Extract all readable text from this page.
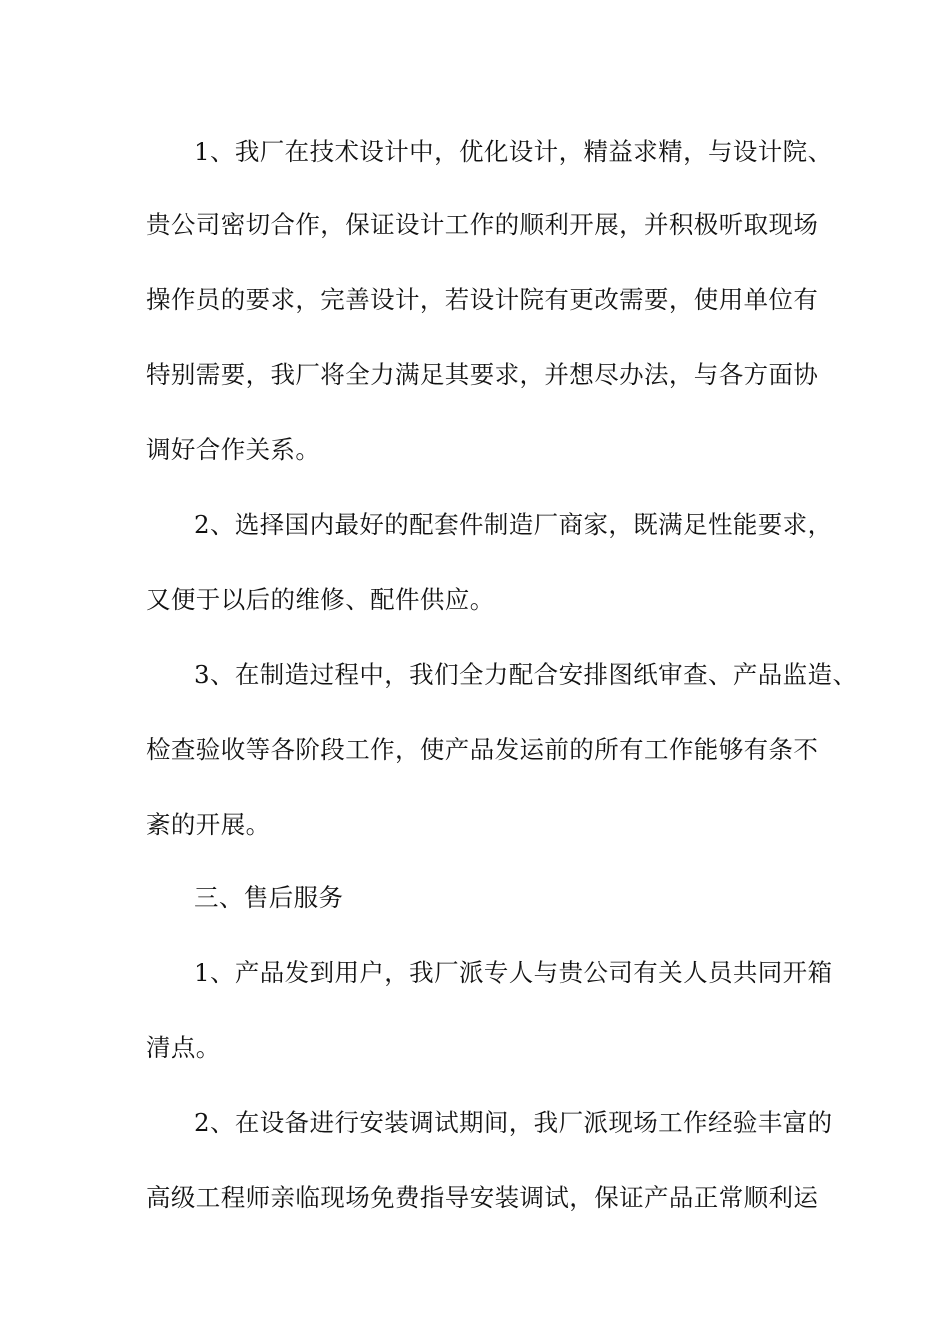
1、我厂在技术设计中，优化设计，精益求精，与设计院、
贵公司密切合作，保证设计工作的顺利开展，并积极听取现场
操作员的要求，完善设计，若设计院有更改需要，使用单位有
特别需要，我厂将全力满足其要求，并想尽办法，与各方面协
调好合作关系。
2、选择国内最好的配套件制造厂商家，既满足性能要求，
又便于以后的维修、配件供应。
3、在制造过程中，我们全力配合安排图纸审查、产品监造、
检查验收等各阶段工作，使产品发运前的所有工作能够有条不
紊的开展。
三、售后服务
1、产品发到用户，我厂派专人与贵公司有关人员共同开箱
清点。
2、在设备进行安装调试期间，我厂派现场工作经验丰富的
高级工程师亲临现场免费指导安装调试，保证产品正常顺利运
